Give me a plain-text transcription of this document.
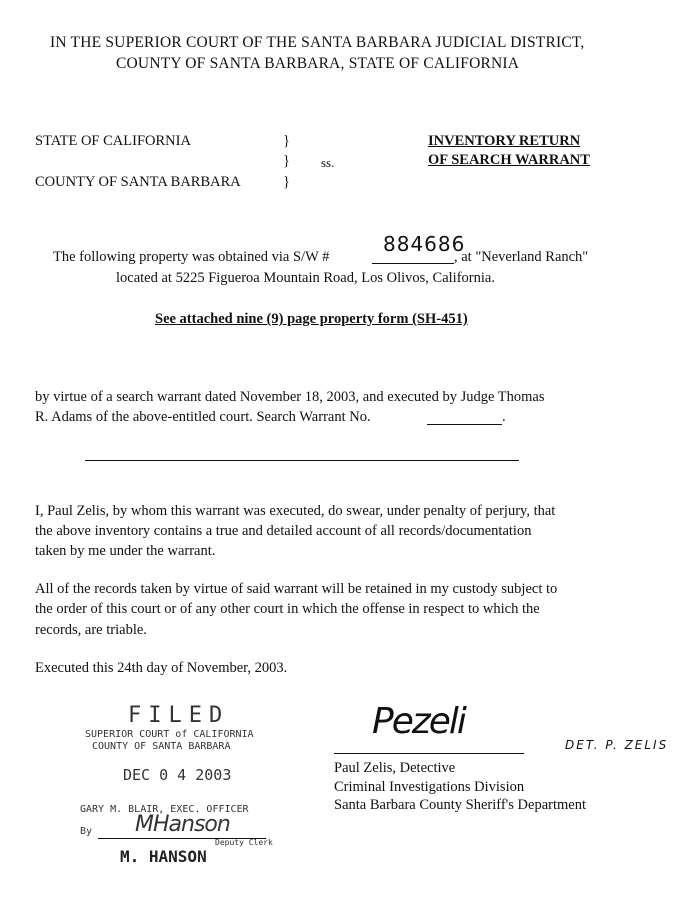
IN THE SUPERIOR COURT OF THE SANTA BARBARA JUDICIAL DISTRICT,
COUNTY OF SANTA BARBARA, STATE OF CALIFORNIA
STATE OF CALIFORNIA
COUNTY OF SANTA BARBARA
}
}
}
ss.
INVENTORY RETURN
OF SEARCH WARRANT
The following property was obtained via S/W #
884686
, at "Neverland Ranch"
located at 5225 Figueroa Mountain Road, Los Olivos, California.
See attached nine (9) page property form (SH-451)
by virtue of a search warrant dated November 18, 2003, and executed by Judge Thomas
R. Adams of the above-entitled court. Search Warrant No.	.
I, Paul Zelis, by whom this warrant was executed, do swear, under penalty of perjury, that
the above inventory contains a true and detailed account of all records/documentation
taken by me under the warrant.
All of the records taken by virtue of said warrant will be retained in my custody subject to
the order of this court or of any other court in which the offense in respect to which the
records, are triable.
Executed this 24th day of November, 2003.
FILED
SUPERIOR COURT of CALIFORNIA
COUNTY OF SANTA BARBARA
DEC 0 4 2003
GARY M. BLAIR, EXEC. OFFICER
By MHanson
Deputy Clerk
M. HANSON
Pezeli
DET. P. ZELIS
Paul Zelis, Detective
Criminal Investigations Division
Santa Barbara County Sheriff's Department
